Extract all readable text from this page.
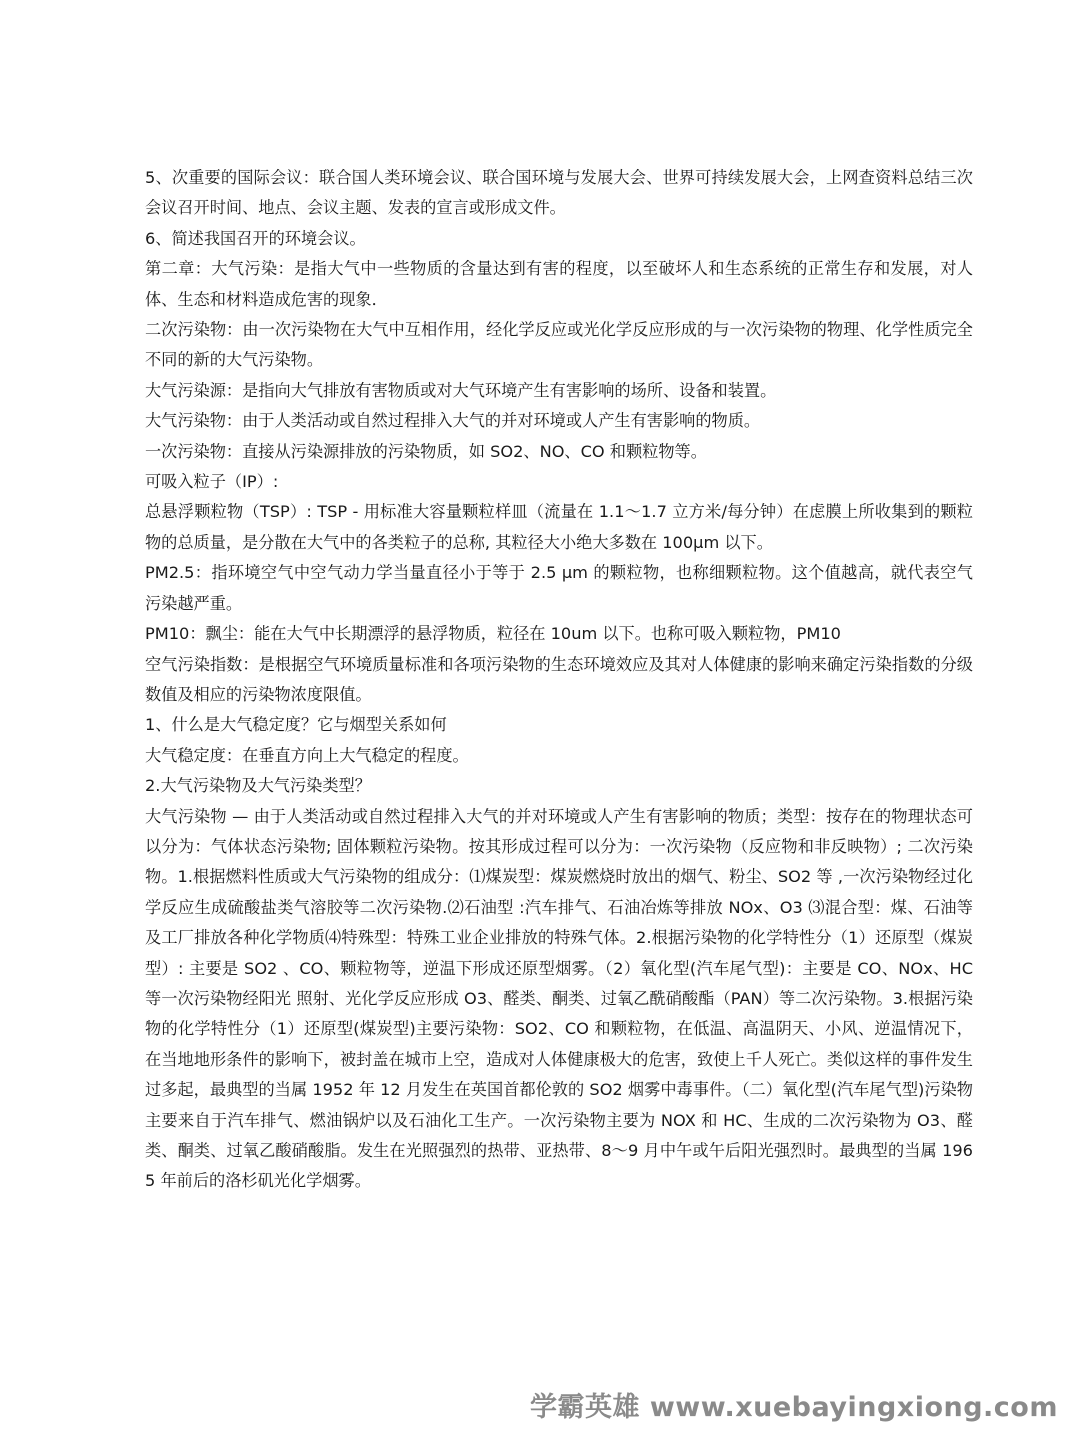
5、次重要的国际会议：联合国人类环境会议、联合国环境与发展大会、世界可持续发展大会，上网查资料总结三次会议召开时间、地点、会议主题、发表的宣言或形成文件。

6、简述我国召开的环境会议。

第二章：大气污染：是指大气中一些物质的含量达到有害的程度，以至破坏人和生态系统的正常生存和发展，对人体、生态和材料造成危害的现象．

二次污染物：由一次污染物在大气中互相作用，经化学反应或光化学反应形成的与一次污染物的物理、化学性质完全不同的新的大气污染物。

大气污染源：是指向大气排放有害物质或对大气环境产生有害影响的场所、设备和装置。

大气污染物：由于人类活动或自然过程排入大气的并对环境或人产生有害影响的物质。

一次污染物：直接从污染源排放的污染物质，如 SO2、NO、CO 和颗粒物等。

可吸入粒子（IP）:

总悬浮颗粒物（TSP）: TSP - 用标准大容量颗粒样皿（流量在 1.1～1.7 立方米/每分钟）在虑膜上所收集到的颗粒物的总质量，是分散在大气中的各类粒子的总称, 其粒径大小绝大多数在 100μm 以下。

PM2.5：指环境空气中空气动力学当量直径小于等于 2.5 μm 的颗粒物，也称细颗粒物。这个值越高，就代表空气污染越严重。

PM10：飘尘：能在大气中长期漂浮的悬浮物质，粒径在 10um 以下。也称可吸入颗粒物，PM10

空气污染指数：是根据空气环境质量标准和各项污染物的生态环境效应及其对人体健康的影响来确定污染指数的分级数值及相应的污染物浓度限值。

1、什么是大气稳定度？它与烟型关系如何

大气稳定度：在垂直方向上大气稳定的程度。

2.大气污染物及大气污染类型？

大气污染物 — 由于人类活动或自然过程排入大气的并对环境或人产生有害影响的物质；类型：按存在的物理状态可以分为：气体状态污染物; 固体颗粒污染物。按其形成过程可以分为：一次污染物（反应物和非反映物）; 二次污染物。1.根据燃料性质或大气污染物的组成分：⑴煤炭型：煤炭燃烧时放出的烟气、粉尘、SO2 等 ,一次污染物经过化学反应生成硫酸盐类气溶胶等二次污染物.⑵石油型 :汽车排气、石油冶炼等排放 NOx、O3 ⑶混合型：煤、石油等及工厂排放各种化学物质⑷特殊型：特殊工业企业排放的特殊气体。2.根据污染物的化学特性分（1）还原型（煤炭型）: 主要是 SO2 、CO、颗粒物等，逆温下形成还原型烟雾。（2）氧化型(汽车尾气型)：主要是 CO、NOx、HC 等一次污染物经阳光 照射、光化学反应形成 O3、醛类、酮类、过氧乙酰硝酸酯（PAN）等二次污染物。3.根据污染物的化学特性分（1）还原型(煤炭型)主要污染物：SO2、CO 和颗粒物，在低温、高温阴天、小风、逆温情况下，在当地地形条件的影响下，被封盖在城市上空，造成对人体健康极大的危害，致使上千人死亡。类似这样的事件发生过多起，最典型的当属 1952 年 12 月发生在英国首都伦敦的 SO2 烟雾中毒事件。（二）氧化型(汽车尾气型)污染物主要来自于汽车排气、燃油锅炉以及石油化工生产。一次污染物主要为 NOX 和 HC、生成的二次污染物为 O3、醛类、酮类、过氧乙酸硝酸脂。发生在光照强烈的热带、亚热带、8～9 月中午或午后阳光强烈时。最典型的当属 1965 年前后的洛杉矶光化学烟雾。

学霸英雄 www.xuebayingxiong.com
